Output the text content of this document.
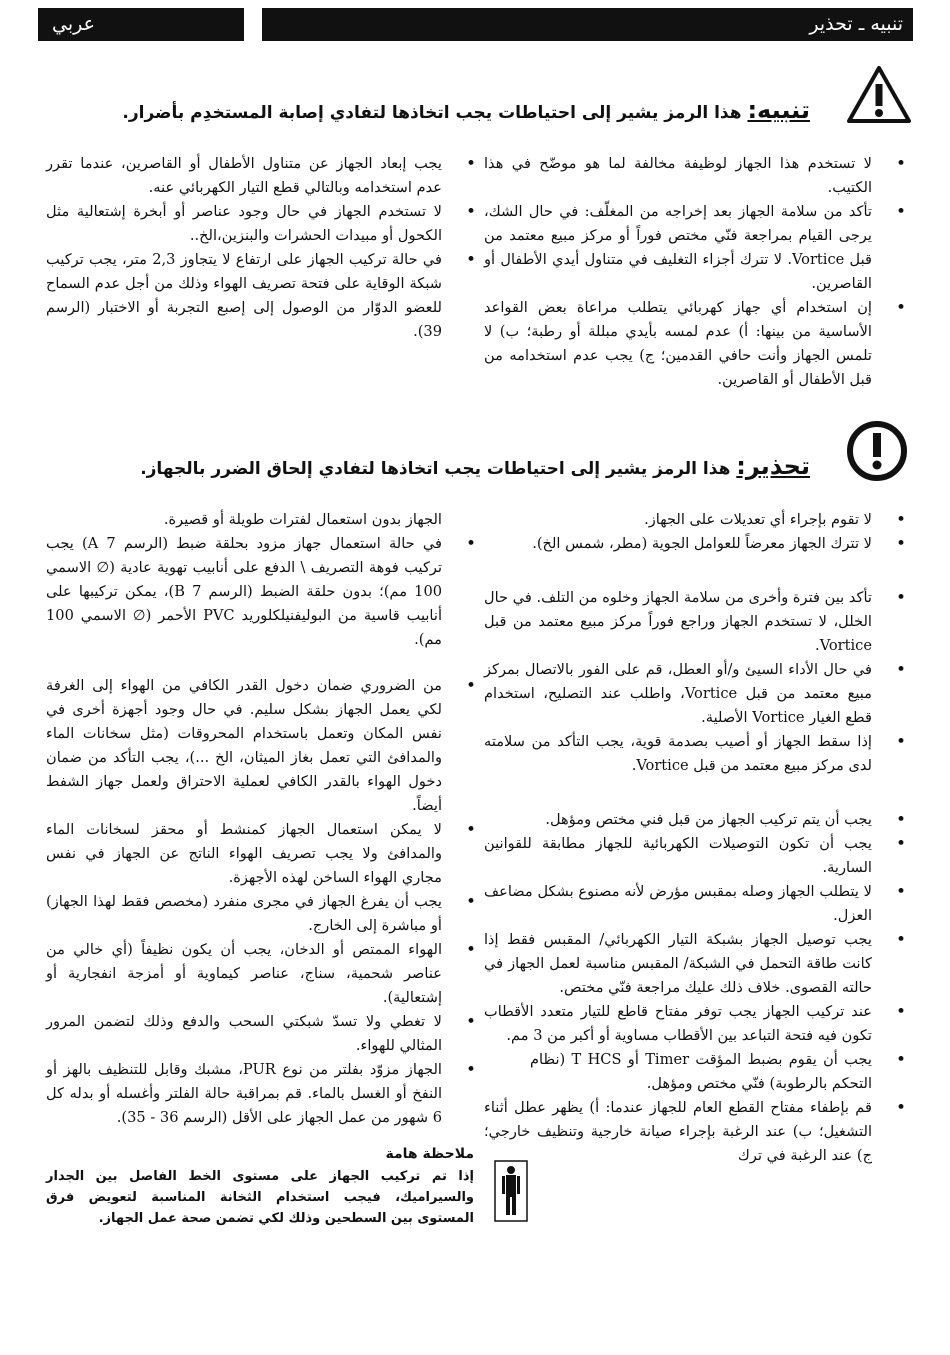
تنبيه ـ تحذير
عربي
تنبيه: هذا الرمز يشير إلى احتياطات يجب اتخاذها لتفادي إصابة المستخدِم بأضرار.
• لا تستخدم هذا الجهاز لوظيفة مخالفة لما هو موضّح في هذا الكتيب.
• تأكد من سلامة الجهاز بعد إخراجه من المغلّف: في حال الشك، يرجى القيام بمراجعة فنّي مختص فوراً أو مركز مبيع معتمد من قبل Vortice. لا تترك أجزاء التغليف في متناول أيدي الأطفال أو القاصرين.
• إن استخدام أي جهاز كهربائي يتطلب مراعاة بعض القواعد الأساسية من بينها: أ) عدم لمسه بأيدي مبللة أو رطبة؛ ب) لا تلمس الجهاز وأنت حافي القدمين؛ ج) يجب عدم استخدامه من قبل الأطفال أو القاصرين.
• يجب إبعاد الجهاز عن متناول الأطفال أو القاصرين، عندما تقرر عدم استخدامه وبالتالي قطع التيار الكهربائي عنه.
• لا تستخدم الجهاز في حال وجود عناصر أو أبخرة إشتعالية مثل الكحول أو مبيدات الحشرات والبنزين،الخ..
• في حالة تركيب الجهاز على ارتفاع لا يتجاوز 2,3 متر، يجب تركيب شبكة الوقاية على فتحة تصريف الهواء وذلك من أجل عدم السماح للعضو الدوّار من الوصول إلى إصبع التجربة أو الاختبار (الرسم 39).
تحذير: هذا الرمز يشير إلى احتياطات يجب اتخاذها لتفادي إلحاق الضرر بالجهاز.
• لا تقوم بإجراء أي تعديلات على الجهاز.
• لا تترك الجهاز معرضاً للعوامل الجوية (مطر، شمس الخ).
• تأكد بين فترة وأخرى من سلامة الجهاز وخلوه من التلف. في حال الخلل، لا تستخدم الجهاز وراجع فوراً مركز مبيع معتمد من قبل Vortice.
• في حال الأداء السيئ و/أو العطل، قم على الفور بالاتصال بمركز مبيع معتمد من قبل Vortice، واطلب عند التصليح، استخدام قطع الغيار Vortice الأصلية.
• إذا سقط الجهاز أو أصيب بصدمة قوية، يجب التأكد من سلامته لدى مركز مبيع معتمد من قبل Vortice.
• يجب أن يتم تركيب الجهاز من قبل فني مختص ومؤهل.
• يجب أن تكون التوصيلات الكهربائية للجهاز مطابقة للقوانين السارية.
• لا يتطلب الجهاز وصله بمقبس مؤرض لأنه مصنوع بشكل مضاعف العزل.
• يجب توصيل الجهاز بشبكة التيار الكهربائي/ المقبس فقط إذا كانت طاقة التحمل في الشبكة/ المقبس مناسبة لعمل الجهاز في حالته القصوى. خلاف ذلك عليك مراجعة فنّي مختص.
• عند تركيب الجهاز يجب توفر مفتاح قاطع للتيار متعدد الأقطاب تكون فيه فتحة التباعد بين الأقطاب مساوية أو أكبر من 3 مم.
• يجب أن يقوم بضبط المؤقت Timer أو T HCS (نظام التحكم بالرطوبة) فنّي مختص ومؤهل.
• قم بإطفاء مفتاح القطع العام للجهاز عندما: أ) يظهر عطل أثناء التشغيل؛ ب) عند الرغبة بإجراء صيانة خارجية وتنظيف خارجي؛ ج) عند الرغبة في ترك
الجهاز بدون استعمال لفترات طويلة أو قصيرة.
• في حالة استعمال جهاز مزود بحلقة ضبط (الرسم 7 A) يجب تركيب فوهة التصريف \ الدفع على أنابيب تهوية عادية (∅ الاسمي 100 مم)؛ بدون حلقة الضبط (الرسم 7 B)، يمكن تركيبها على أنابيب قاسية من البوليفنيلكلوريد PVC الأحمر (∅ الاسمي 100 مم).
• من الضروري ضمان دخول القدر الكافي من الهواء إلى الغرفة لكي يعمل الجهاز بشكل سليم. في حال وجود أجهزة أخرى في نفس المكان وتعمل باستخدام المحروقات (مثل سخانات الماء والمدافئ التي تعمل بغاز الميثان، الخ ...)، يجب التأكد من ضمان دخول الهواء بالقدر الكافي لعملية الاحتراق ولعمل جهاز الشفط أيضاً.
• لا يمكن استعمال الجهاز كمنشط أو محقز لسخانات الماء والمدافئ ولا يجب تصريف الهواء الناتج عن الجهاز في نفس مجاري الهواء الساخن لهذه الأجهزة.
• يجب أن يفرغ الجهاز في مجرى منفرد (مخصص فقط لهذا الجهاز) أو مباشرة إلى الخارج.
• الهواء الممتص أو الدخان، يجب أن يكون نظيفاً (أي خالي من عناصر شحمية، سناج، عناصر كيماوية أو أمزجة انفجارية أو إشتعالية).
• لا تغطي ولا تسدّ شبكتي السحب والدفع وذلك لتضمن المرور المثالي للهواء.
• الجهاز مزوّد بفلتر من نوع PUR، مشبك وقابل للتنظيف بالهز أو النفخ أو الغسل بالماء. قم بمراقبة حالة الفلتر وأغسله أو بدله كل 6 شهور من عمل الجهاز على الأقل (الرسم 36 - 35).
ملاحظة هامة
إذا تم تركيب الجهاز على مستوى الخط الفاصل بين الجدار والسيراميك، فيجب استخدام الثخانة المناسبة لتعويض فرق المستوى بين السطحين وذلك لكي تضمن صحة عمل الجهاز.
